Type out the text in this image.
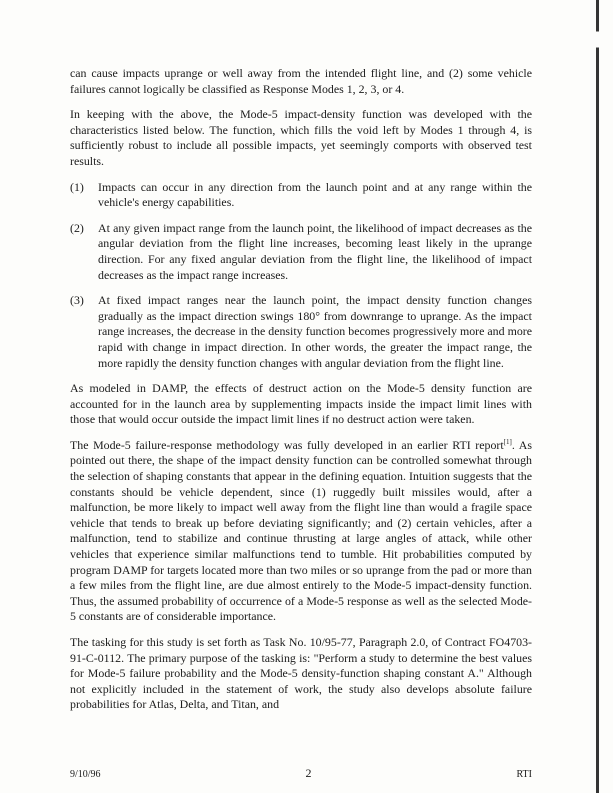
can cause impacts uprange or well away from the intended flight line, and (2) some vehicle failures cannot logically be classified as Response Modes 1, 2, 3, or 4.

In keeping with the above, the Mode-5 impact-density function was developed with the characteristics listed below. The function, which fills the void left by Modes 1 through 4, is sufficiently robust to include all possible impacts, yet seemingly comports with observed test results.

(1)	Impacts can occur in any direction from the launch point and at any range within the vehicle's energy capabilities.
(2)	At any given impact range from the launch point, the likelihood of impact decreases as the angular deviation from the flight line increases, becoming least likely in the uprange direction. For any fixed angular deviation from the flight line, the likelihood of impact decreases as the impact range increases.
(3)	At fixed impact ranges near the launch point, the impact density function changes gradually as the impact direction swings 180° from downrange to uprange. As the impact range increases, the decrease in the density function becomes progressively more and more rapid with change in impact direction. In other words, the greater the impact range, the more rapidly the density function changes with angular deviation from the flight line.

As modeled in DAMP, the effects of destruct action on the Mode-5 density function are accounted for in the launch area by supplementing impacts inside the impact limit lines with those that would occur outside the impact limit lines if no destruct action were taken.

The Mode-5 failure-response methodology was fully developed in an earlier RTI report[1]. As pointed out there, the shape of the impact density function can be controlled somewhat through the selection of shaping constants that appear in the defining equation. Intuition suggests that the constants should be vehicle dependent, since (1) ruggedly built missiles would, after a malfunction, be more likely to impact well away from the flight line than would a fragile space vehicle that tends to break up before deviating significantly; and (2) certain vehicles, after a malfunction, tend to stabilize and continue thrusting at large angles of attack, while other vehicles that experience similar malfunctions tend to tumble. Hit probabilities computed by program DAMP for targets located more than two miles or so uprange from the pad or more than a few miles from the flight line, are due almost entirely to the Mode-5 impact-density function. Thus, the assumed probability of occurrence of a Mode-5 response as well as the selected Mode-5 constants are of considerable importance.

The tasking for this study is set forth as Task No. 10/95-77, Paragraph 2.0, of Contract FO4703-91-C-0112. The primary purpose of the tasking is: "Perform a study to determine the best values for Mode-5 failure probability and the Mode-5 density-function shaping constant A." Although not explicitly included in the statement of work, the study also develops absolute failure probabilities for Atlas, Delta, and Titan, and

9/10/96	2	RTI
